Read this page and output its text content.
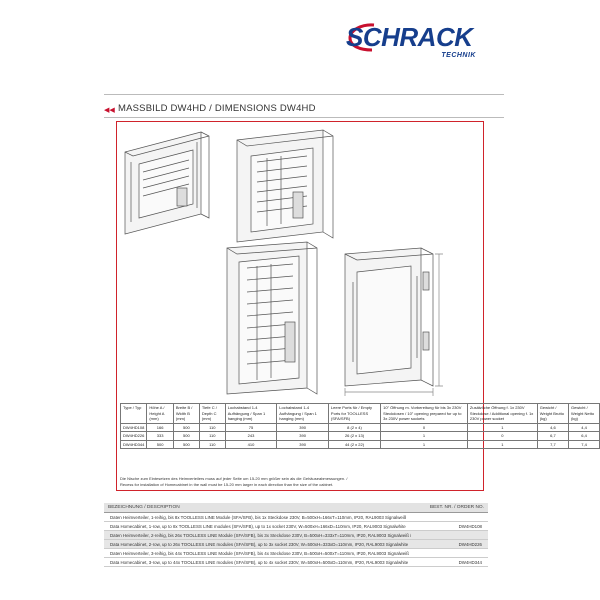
SCHRACK
TECHNIK
◀◀ MASSBILD DW4HD / DIMENSIONS DW4HD
Type / Typ	Höhe A / Height A (mm)	Breite B / Width B (mm)	Tiefe C / Depth C (mm)	Lochabstand 1-4 Aufhängung / Span 1 hanging (mm)	Lochabstand 1-4 Aufhängung / Span 1 hanging (mm)	Leere Ports für / Empty Ports for TOOLLESS (SFA/SFB)	10" Öffnung m. Vorbereitung für bis 3x 230V Steckdosen / 10" opening prepared for up to 3x 230V power sockets	Zusätzliche Öffnung f. 1x 230V Steckdose / Additional opening f. 1x 230V power socket	Gewicht / Weight Brutto (kg)	Gewicht / Weight Netto (kg)
DW4HD108	166	500	110	75	390	8 (2 x 4)	0	1	4,6	4,4
DW4HD226	333	500	110	243	390	26 (2 x 13)	1	0	6,7	6,4
DW4HD344	500	500	110	410	390	44 (2 x 22)	1	1	7,7	7,4
Die Nische zum Eintesetzen des Heimverteilers muss auf jeder Seite um 15-20 mm größer sein als die Gehäuseabmessungen. /
Recess for installation of Homecabinet in the wall must be 15-20 mm larger in each direction than the size of the cabinet.
BEZEICHNUNG / DESCRIPTION	BEST. NR. / ORDER NO.
Daten Heimverteiler, 1-reihig, bis 8x TOOLLESS LINE Module (SFA/SFB), bis 1x Steckdose 230V, B=500xH=166xT=110mm, IP20, RAL9003 Signalweiß
Data Homecabinet, 1-row, up to 8x TOOLLESS LINE modules (SFA/SFB), up to 1x socket 230V, W=500xH=166xD=110mm, IP20, RAL9003 Signalwhite	DW4HD108
Daten Heimverteiler, 2-reihig, bis 26x TOOLLESS LINE Module (SFA/SFB), bis 3x Steckdose 230V, B=500xH=333xT=110mm, IP20, RAL9003 Signalweiß /
Data Homecabinet, 2-row, up to 26x TOOLLESS LINE modules (SFA/SFB), up to 3x socket 230V, W=500xH=333xD=110mm, IP20, RAL9003 Signalwhite	DW4HD226
Daten Heimverteiler, 3-reihig, bis 44x TOOLLESS LINE Module (SFA/SFB), bis 4x Steckdose 230V, B=500xH=500xT=110mm, IP20, RAL9003 Signalweiß
Data Homecabinet, 3-row, up to 44x TOOLLESS LINE modules (SFA/SFB), up to 4x socket 230V, W=500xH=500xD=110mm, IP20, RAL9003 Signalwhite	DW4HD344
